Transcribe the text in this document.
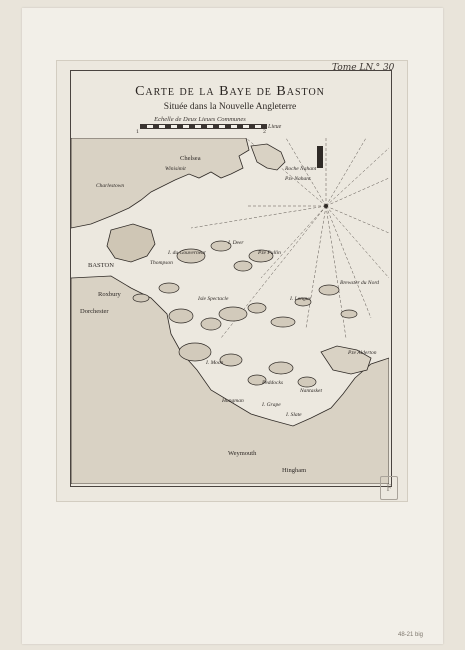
Tome LN.° 30
Carte de la Baye de Baston
Située dans la Nouvelle Angleterre
Echelle de Deux Lieues Communes
Lieue
1	2
Chelsea
Winisimit
Charlestown
BASTON
Roxbury
Dorchester
I. du Gouverneur
P.te Nahant
Roche Nahant
P.te Pullin
I. Deer
P.te Alderton
Brewster du Nord
Weymouth
Hingham
I. Longue
Isle Spectacle
I. Moon
Thompson
Nantasket
Peddocks
I. Grape
I. Slate
Hangman
F
48-21 big
